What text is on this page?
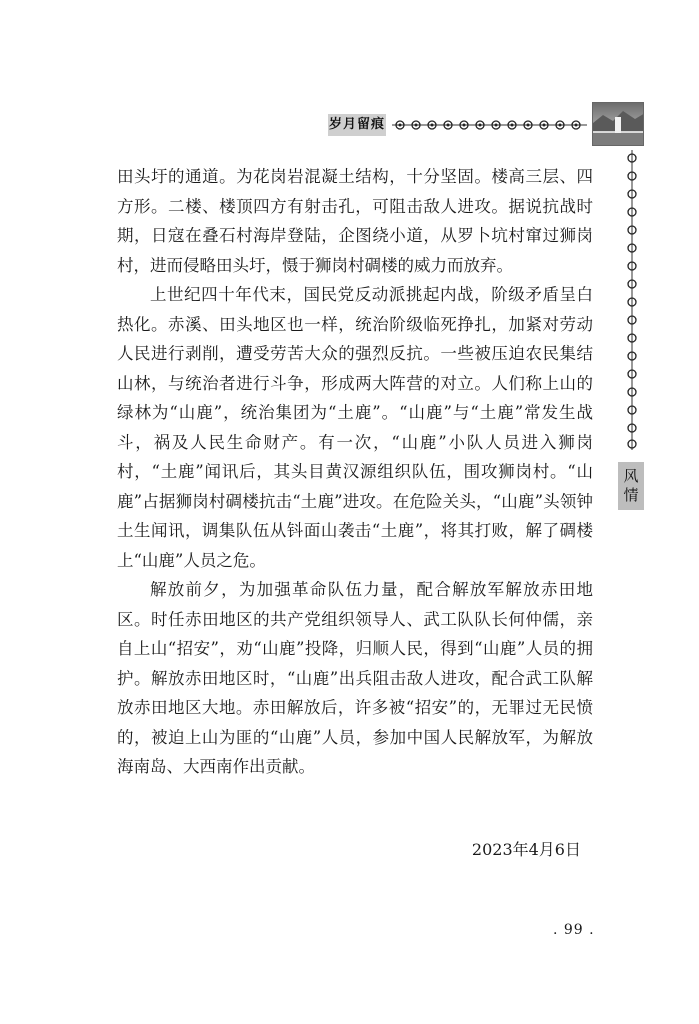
岁月留痕
风
情

田头圩的通道。为花岗岩混凝土结构，十分坚固。楼高三层、四方形。二楼、楼顶四方有射击孔，可阻击敌人进攻。据说抗战时期，日寇在叠石村海岸登陆，企图绕小道，从罗卜坑村窜过狮岗村，进而侵略田头圩，慑于狮岗村碉楼的威力而放弃。

上世纪四十年代末，国民党反动派挑起内战，阶级矛盾呈白热化。赤溪、田头地区也一样，统治阶级临死挣扎，加紧对劳动人民进行剥削，遭受劳苦大众的强烈反抗。一些被压迫农民集结山林，与统治者进行斗争，形成两大阵营的对立。人们称上山的绿林为“山鹿”，统治集团为“土鹿”。“山鹿”与“土鹿”常发生战斗，祸及人民生命财产。有一次，“山鹿”小队人员进入狮岗村，“土鹿”闻讯后，其头目黄汉源组织队伍，围攻狮岗村。“山鹿”占据狮岗村碉楼抗击“土鹿”进攻。在危险关头，“山鹿”头领钟土生闻讯，调集队伍从钭面山袭击“土鹿”，将其打败，解了碉楼上“山鹿”人员之危。

解放前夕，为加强革命队伍力量，配合解放军解放赤田地区。时任赤田地区的共产党组织领导人、武工队队长何仲儒，亲自上山“招安”，劝“山鹿”投降，归顺人民，得到“山鹿”人员的拥护。解放赤田地区时，“山鹿”出兵阻击敌人进攻，配合武工队解放赤田地区大地。赤田解放后，许多被“招安”的，无罪过无民愤的，被迫上山为匪的“山鹿”人员，参加中国人民解放军，为解放海南岛、大西南作出贡献。

2023年4月6日
. 99 .
